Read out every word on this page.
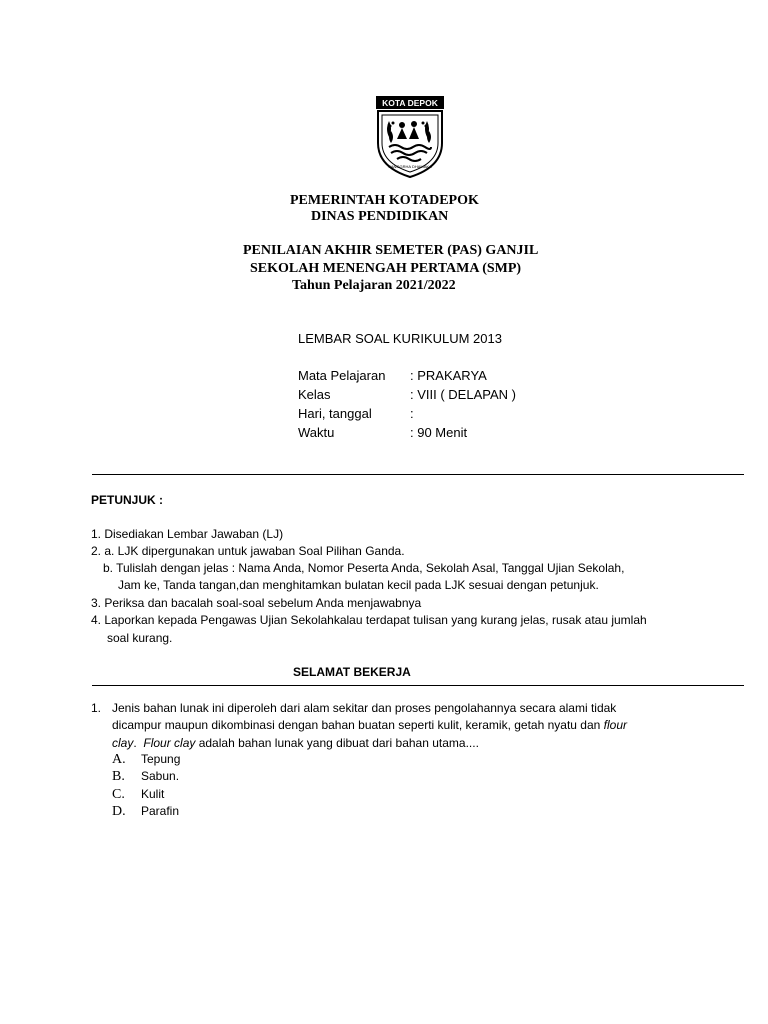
KOTA DEPOK
SANGGRHA DHAMAKA
PEMERINTAH KOTADEPOK
DINAS PENDIDIKAN
PENILAIAN AKHIR SEMETER (PAS) GANJIL
SEKOLAH MENENGAH PERTAMA (SMP)
Tahun Pelajaran 2021/2022
LEMBAR SOAL KURIKULUM 2013
Mata Pelajaran : PRAKARYA
Kelas	: VIII ( DELAPAN )
Hari, tanggal	:
Waktu	: 90 Menit
PETUNJUK :
1. Disediakan Lembar Jawaban (LJ)
2. a. LJK dipergunakan untuk jawaban Soal Pilihan Ganda.
b. Tulislah dengan jelas : Nama Anda, Nomor Peserta Anda, Sekolah Asal, Tanggal Ujian Sekolah,
Jam ke, Tanda tangan,dan menghitamkan bulatan kecil pada LJK sesuai dengan petunjuk.
3. Periksa dan bacalah soal-soal sebelum Anda menjawabnya
4. Laporkan kepada Pengawas Ujian Sekolahkalau terdapat tulisan yang kurang jelas, rusak atau jumlah
soal kurang.
SELAMAT BEKERJA
1. Jenis bahan lunak ini diperoleh dari alam sekitar dan proses pengolahannya secara alami tidak
dicampur maupun dikombinasi dengan bahan buatan seperti kulit, keramik, getah nyatu dan flour
clay.  Flour clay adalah bahan lunak yang dibuat dari bahan utama....
A. Tepung
B. Sabun.
C. Kulit
D. Parafin
